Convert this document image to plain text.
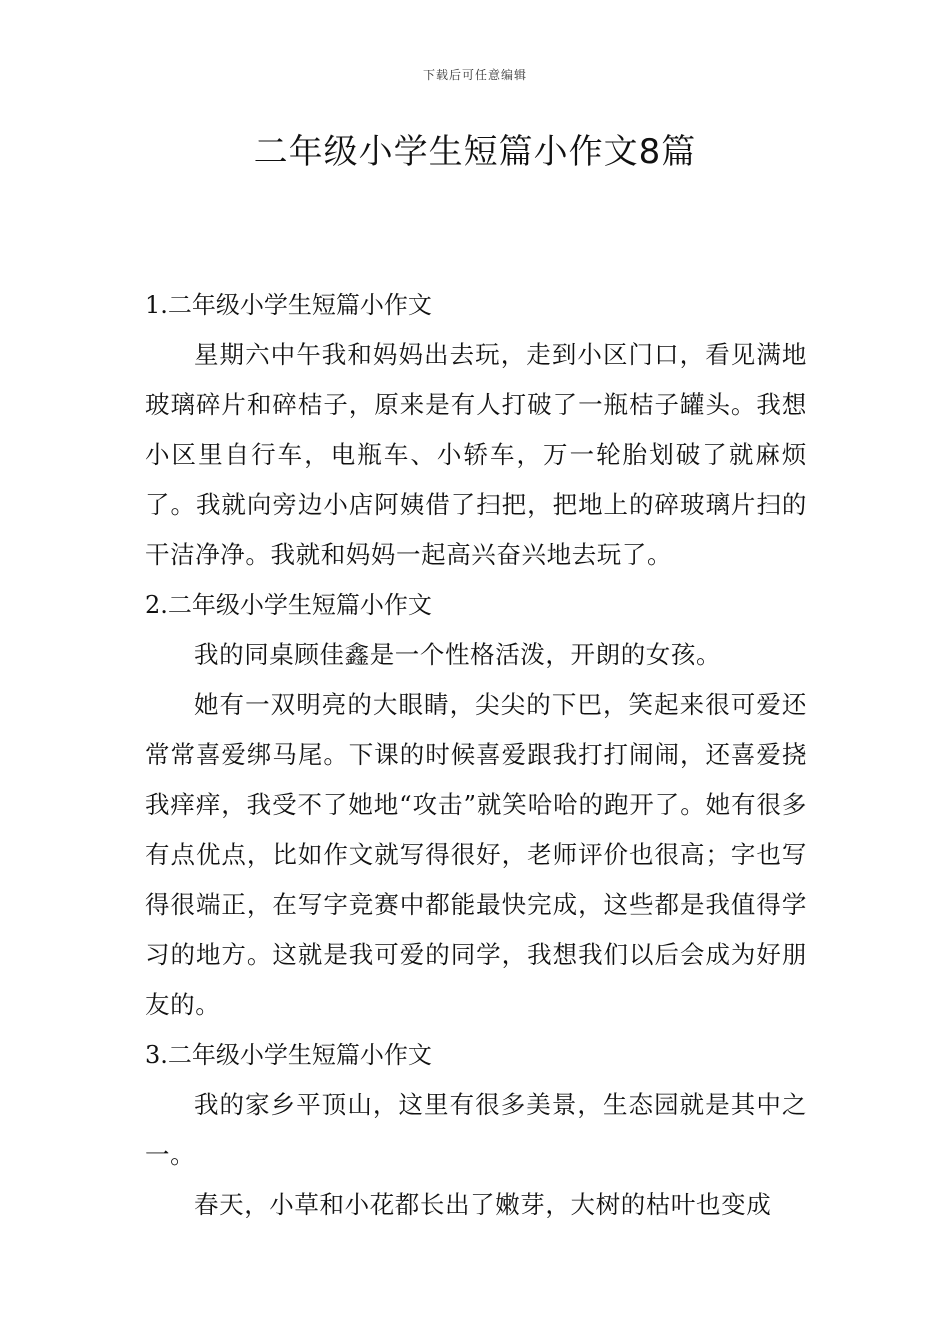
下载后可任意编辑
二年级小学生短篇小作文8篇

1.二年级小学生短篇小作文

星期六中午我和妈妈出去玩，走到小区门口，看见满地玻璃碎片和碎桔子，原来是有人打破了一瓶桔子罐头。我想小区里自行车，电瓶车、小轿车，万一轮胎划破了就麻烦了。我就向旁边小店阿姨借了扫把，把地上的碎玻璃片扫的干洁净净。我就和妈妈一起高兴奋兴地去玩了。

2.二年级小学生短篇小作文

我的同桌顾佳鑫是一个性格活泼，开朗的女孩。

她有一双明亮的大眼睛，尖尖的下巴，笑起来很可爱还常常喜爱绑马尾。下课的时候喜爱跟我打打闹闹，还喜爱挠我痒痒，我受不了她地“攻击”就笑哈哈的跑开了。她有很多有点优点，比如作文就写得很好，老师评价也很高；字也写得很端正，在写字竞赛中都能最快完成，这些都是我值得学习的地方。这就是我可爱的同学，我想我们以后会成为好朋友的。

3.二年级小学生短篇小作文

我的家乡平顶山，这里有很多美景，生态园就是其中之一。

春天，小草和小花都长出了嫩芽，大树的枯叶也变成
